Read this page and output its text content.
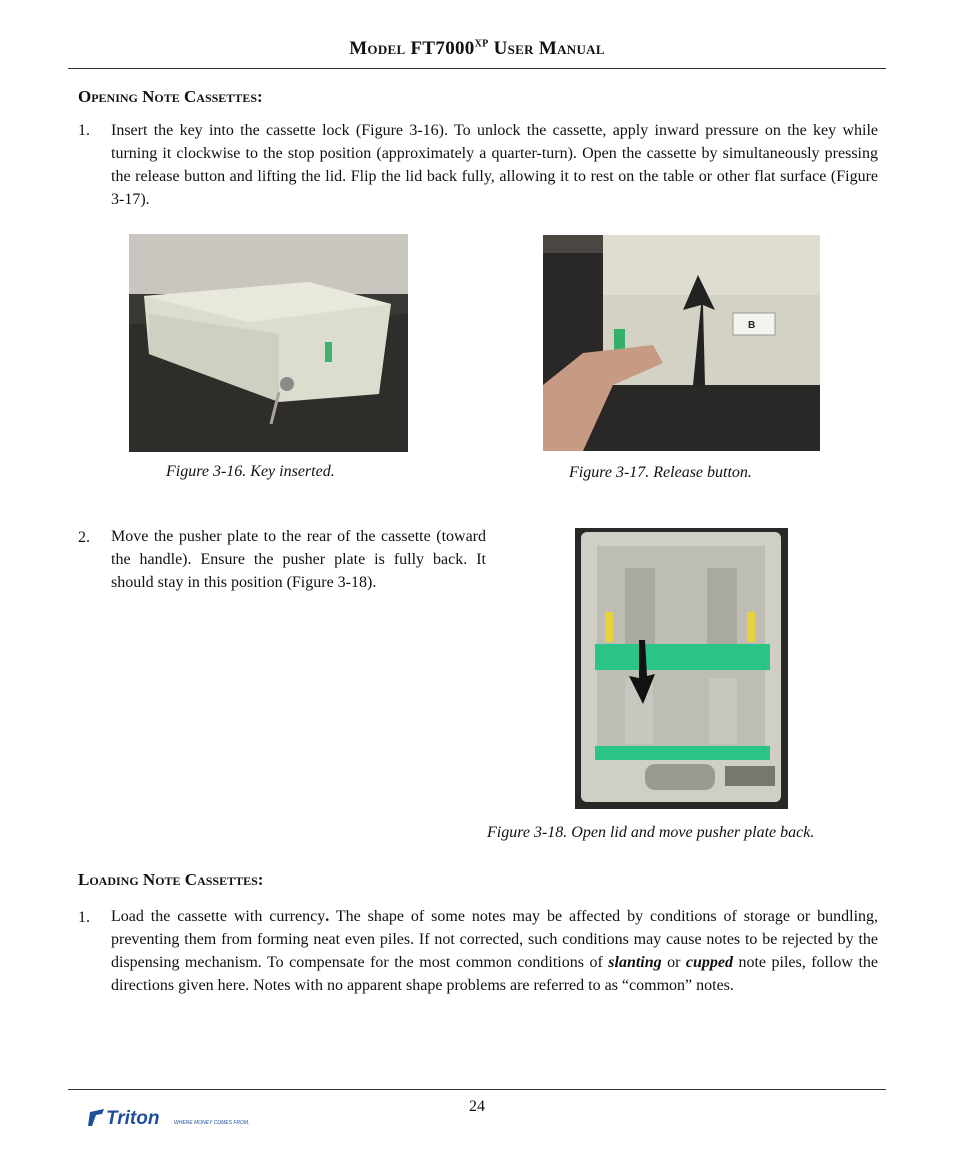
Model $FT7000^{XP}$ User Manual
Opening Note Cassettes:
1. Insert the key into the cassette lock (Figure 3-16). To unlock the cassette, apply inward pressure on the key while turning it clockwise to the stop position (approximately a quarter-turn). Open the cassette by simultaneously pressing the release button and lifting the lid. Flip the lid back fully, allowing it to rest on the table or other flat surface (Figure 3-17).
Figure 3-16. Key inserted.
B
Figure 3-17. Release button.
2. Move the pusher plate to the rear of the cassette (toward the handle). Ensure the pusher plate is fully back. It should stay in this position (Figure 3-18).
Figure 3-18. Open lid and move pusher plate back.
Loading Note Cassettes:
1. Load the cassette with currency. The shape of some notes may be affected by conditions of storage or bundling, preventing them from forming neat even piles. If not corrected, such conditions may cause notes to be rejected by the dispensing mechanism. To compensate for the most common conditions of slanting or cupped note piles, follow the directions given here. Notes with no apparent shape problems are referred to as “common” notes.
24
Triton	WHERE MONEY COMES FROM.
